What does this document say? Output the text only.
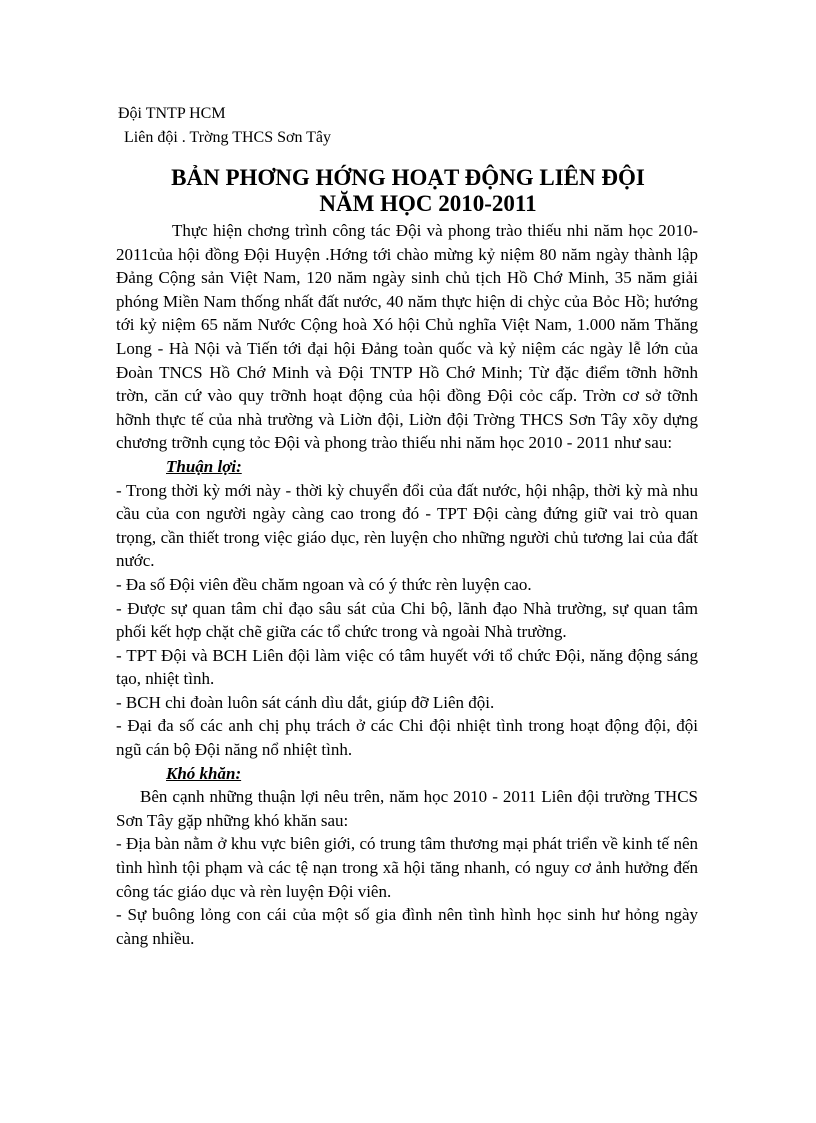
Đội TNTP HCM
Liên đội . Trờng THCS Sơn Tây
BẢN PHƠNG HỚNG HOẠT ĐỘNG LIÊN ĐỘI
NĂM HỌC 2010-2011

Thực hiện chơng trình công tác Đội và phong trào thiếu nhi năm học 2010-2011của hội đồng Đội Huyện .Hớng tới chào mừng kỷ niệm 80 năm ngày thành lập Đảng Cộng sản Việt Nam, 120 năm ngày sinh chủ tịch Hồ Chớ Minh, 35 năm giải phóng Miền Nam thống nhất đất nước, 40 năm thực hiện di chỳc của Bỏc Hồ; hướng tới kỷ niệm 65 năm Nước Cộng hoà Xó hội Chủ nghĩa Việt Nam, 1.000 năm Thăng Long - Hà Nội và Tiến tới đại hội Đảng toàn quốc và kỷ niệm các ngày lễ lớn của Đoàn TNCS Hồ Chớ Minh và Đội TNTP Hồ Chớ Minh; Từ đặc điểm tỡnh hỡnh trờn, căn cứ vào quy trỡnh hoạt động của hội đồng Đội cỏc cấp. Trờn cơ sở tỡnh hỡnh thực tế của nhà trường và Liờn đội, Liờn đội Trờng THCS Sơn Tây xõy dựng chương trỡnh cụng tỏc Đội và phong trào thiếu nhi năm học 2010 - 2011 như sau:

Thuận lợi:

- Trong thời kỳ mới này - thời kỳ chuyển đổi của đất nước, hội nhập, thời kỳ mà nhu cầu của con người ngày càng cao trong đó - TPT Đội càng đứng giữ vai trò quan trọng, cần thiết trong việc giáo dục, rèn luyện cho những người chủ tương lai của đất nước.

- Đa số Đội viên đều chăm ngoan và có ý thức rèn luyện cao.

- Được sự quan tâm chỉ đạo sâu sát của Chi bộ, lãnh đạo Nhà trường, sự quan tâm phối kết hợp chặt chẽ giữa các tổ chức trong và ngoài Nhà trường.

- TPT Đội và BCH Liên đội làm việc có tâm huyết với tổ chức Đội, năng động sáng tạo, nhiệt tình.

- BCH chi đoàn luôn sát cánh dìu dắt, giúp đỡ Liên đội.

- Đại đa số các anh chị phụ trách ở các Chi đội nhiệt tình trong hoạt động đội, đội ngũ cán bộ Đội năng nổ nhiệt tình.

Khó khăn:

Bên cạnh những thuận lợi nêu trên, năm học 2010 - 2011 Liên đội trường THCS Sơn Tây gặp những khó khăn sau:

- Địa bàn nằm ở khu vực biên giới, có trung tâm thương mại phát triển về kinh tế nên tình hình tội phạm và các tệ nạn trong xã hội tăng nhanh, có nguy cơ ảnh hưởng đến công tác giáo dục và rèn luyện Đội viên.

- Sự buông lỏng con cái của một số gia đình nên tình hình học sinh hư hỏng ngày càng nhiều.
